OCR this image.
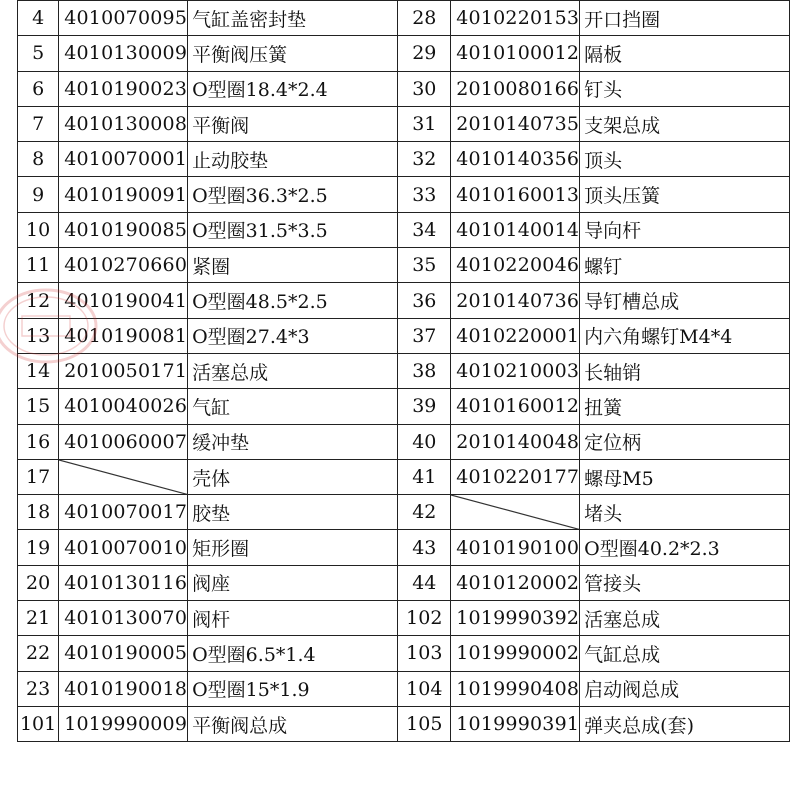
4	4010070095	气缸盖密封垫	28	4010220153	开口挡圈
5	4010130009	平衡阀压簧	29	4010100012	隔板
6	4010190023	O型圈18.4*2.4	30	2010080166	钉头
7	4010130008	平衡阀	31	2010140735	支架总成
8	4010070001	止动胶垫	32	4010140356	顶头
9	4010190091	O型圈36.3*2.5	33	4010160013	顶头压簧
10	4010190085	O型圈31.5*3.5	34	4010140014	导向杆
11	4010270660	紧圈	35	4010220046	螺钉
12	4010190041	O型圈48.5*2.5	36	2010140736	导钉槽总成
13	4010190081	O型圈27.4*3	37	4010220001	内六角螺钉M4*4
14	2010050171	活塞总成	38	4010210003	长轴销
15	4010040026	气缸	39	4010160012	扭簧
16	4010060007	缓冲垫	40	2010140048	定位柄
17		壳体	41	4010220177	螺母M5
18	4010070017	胶垫	42		堵头
19	4010070010	矩形圈	43	4010190100	O型圈40.2*2.3
20	4010130116	阀座	44	4010120002	管接头
21	4010130070	阀杆	102	1019990392	活塞总成
22	4010190005	O型圈6.5*1.4	103	1019990002	气缸总成
23	4010190018	O型圈15*1.9	104	1019990408	启动阀总成
101	1019990009	平衡阀总成	105	1019990391	弹夹总成(套)
